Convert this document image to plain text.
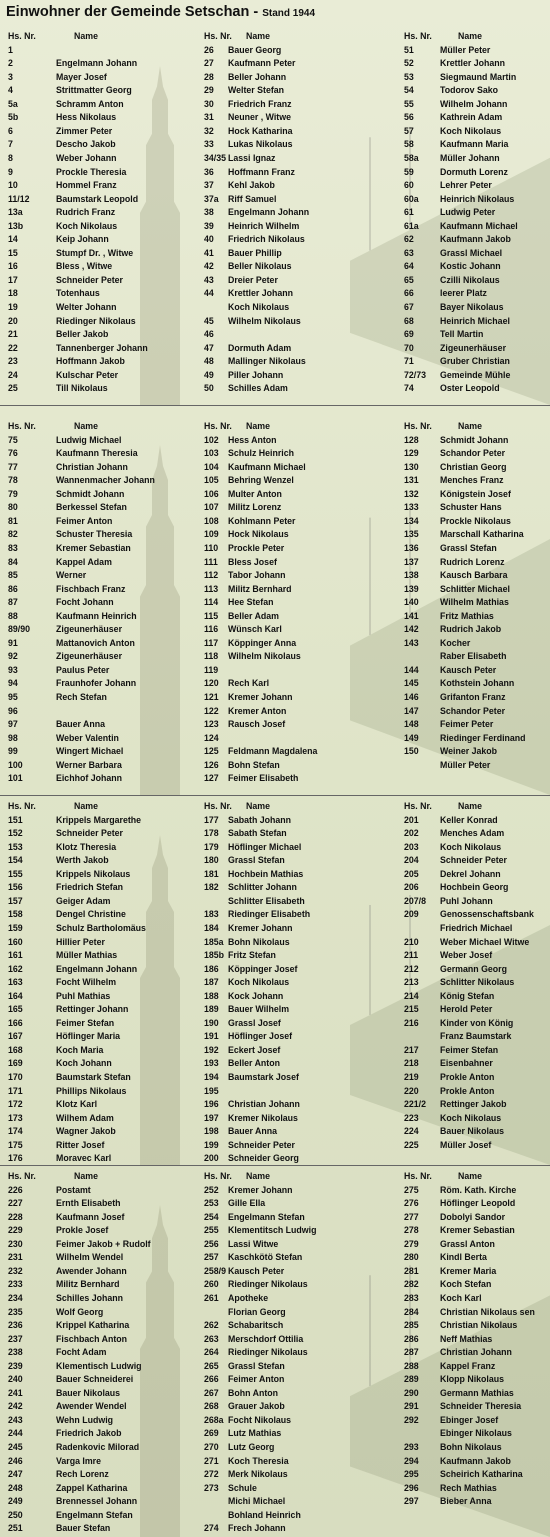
Einwohner der Gemeinde Setschan - Stand 1944
Hs. Nr.	Name
1
2	Engelmann Johann
3	Mayer Josef
4	Strittmatter Georg
5a	Schramm Anton
5b	Hess Nikolaus
6	Zimmer Peter
7	Descho Jakob
8	Weber Johann
9	Prockle Theresia
10	Hommel Franz
11/12	Baumstark Leopold
13a	Rudrich Franz
13b	Koch Nikolaus
14	Keip Johann
15	Stumpf Dr. , Witwe
16	Bless , Witwe
17	Schneider Peter
18	Totenhaus
19	Welter Johann
20	Riedinger Nikolaus
21	Beller Jakob
22	Tannenberger Johann
23	Hoffmann Jakob
24	Kulschar Peter
25	Till Nikolaus
Hs. Nr. Name
26	Bauer Georg
27	Kaufmann Peter
28	Beller Johann
29	Welter Stefan
30	Friedrich Franz
31	Neuner , Witwe
32	Hock Katharina
33	Lukas Nikolaus
34/35 Lassi Ignaz
36	Hoffmann Franz
37	Kehl Jakob
37a	Riff Samuel
38	Engelmann Johann
39	Heinrich Wilhelm
40	Friedrich Nikolaus
41	Bauer Phillip
42	Beller Nikolaus
43	Dreier Peter
44	Krettler Johann
Koch Nikolaus
45	Wilhelm Nikolaus
46
47	Dormuth Adam
48	Mallinger Nikolaus
49	Piller Johann
50	Schilles Adam
Hs. Nr.	Name
51	Müller Peter
52	Krettler Johann
53	Siegmaund Martin
54	Todorov Sako
55	Wilhelm Johann
56	Kathrein Adam
57	Koch Nikolaus
58	Kaufmann Maria
58a	Müller Johann
59	Dormuth Lorenz
60	Lehrer Peter
60a	Heinrich Nikolaus
61	Ludwig Peter
61a	Kaufmann Michael
62	Kaufmann Jakob
63	Grassl Michael
64	Kostic Johann
65	Czilli Nikolaus
66	leerer Platz
67	Bayer Nikolaus
68	Heinrich Michael
69	Tell Martin
70	Zigeunerhäuser
71	Gruber Christian
72/73	Gemeinde Mühle
74	Oster Leopold
Hs. Nr.	Name
75	Ludwig Michael
76	Kaufmann Theresia
77	Christian Johann
78	Wannenmacher Johann
79	Schmidt Johann
80	Berkessel Stefan
81	Feimer Anton
82	Schuster Theresia
83	Kremer Sebastian
84	Kappel Adam
85	Werner
86	Fischbach Franz
87	Focht Johann
88	Kaufmann Heinrich
89/90	Zigeunerhäuser
91	Mattanovich Anton
92	Zigeunerhäuser
93	Paulus Peter
94	Fraunhofer Johann
95	Rech Stefan
96
97	Bauer Anna
98	Weber Valentin
99	Wingert Michael
100	Werner Barbara
101	Eichhof Johann
Hs. Nr. Name
102	Hess Anton
103	Schulz Heinrich
104	Kaufmann Michael
105	Behring Wenzel
106	Multer Anton
107	Militz Lorenz
108	Kohlmann Peter
109	Hock Nikolaus
110	Prockle Peter
111	Bless Josef
112	Tabor Johann
113	Militz Bernhard
114	Hee Stefan
115	Beller Adam
116	Wünsch Karl
117	Köppinger Anna
118	Wilhelm Nikolaus
119
120	Rech Karl
121	Kremer Johann
122	Kremer Anton
123	Rausch Josef
124
125	Feldmann Magdalena
126	Bohn Stefan
127	Feimer Elisabeth
Hs. Nr.	Name
128	Schmidt Johann
129	Schandor Peter
130	Christian Georg
131	Menches Franz
132	Königstein Josef
133	Schuster Hans
134	Prockle Nikolaus
135	Marschall Katharina
136	Grassl Stefan
137	Rudrich Lorenz
138	Kausch Barbara
139	Schlitter Michael
140	Wilhelm Mathias
141	Fritz Mathias
142	Rudrich Jakob
143	Kocher
Raber Elisabeth
144	Kausch Peter
145	Kothstein Johann
146	Grifanton Franz
147	Schandor Peter
148	Feimer Peter
149	Riedinger Ferdinand
150	Weiner Jakob
Müller Peter
Hs. Nr.	Name
151	Krippels Margarethe
152	Schneider Peter
153	Klotz Theresia
154	Werth Jakob
155	Krippels Nikolaus
156	Friedrich Stefan
157	Geiger Adam
158	Dengel Christine
159	Schulz Bartholomäus
160	Hillier Peter
161	Müller Mathias
162	Engelmann Johann
163	Focht Wilhelm
164	Puhl Mathias
165	Rettinger Johann
166	Feimer Stefan
167	Höflinger Maria
168	Koch Maria
169	Koch Johann
170	Baumstark Stefan
171	Phillips Nikolaus
172	Klotz Karl
173	Wilhem Adam
174	Wagner Jakob
175	Ritter Josef
176	Moravec Karl
Hs. Nr. Name
177	Sabath Johann
178	Sabath Stefan
179	Höflinger Michael
180	Grassl Stefan
181	Hochbein Mathias
182	Schlitter Johann
Schlitter Elisabeth
183	Riedinger Elisabeth
184	Kremer Johann
185a Bohn Nikolaus
185b Fritz Stefan
186	Köppinger Josef
187	Koch Nikolaus
188	Kock Johann
189	Bauer Wilhelm
190	Grassl Josef
191	Höflinger Josef
192	Eckert Josef
193	Beller Anton
194	Baumstark Josef
195
196	Christian Johann
197	Kremer Nikolaus
198	Bauer Anna
199	Schneider Peter
200	Schneider Georg
Hs. Nr.	Name
201	Keller Konrad
202	Menches Adam
203	Koch Nikolaus
204	Schneider Peter
205	Dekrel Johann
206	Hochbein Georg
207/8	Puhl Johann
209	Genossenschaftsbank
Friedrich Michael
210	Weber Michael Witwe
211	Weber Josef
212	Germann Georg
213	Schlitter Nikolaus
214	König Stefan
215	Herold Peter
216	Kinder von König
Franz Baumstark
217	Feimer Stefan
218	Eisenbahner
219	Prokle Anton
220	Prokle Anton
221/2	Rettinger Jakob
223	Koch Nikolaus
224	Bauer Nikolaus
225	Müller Josef
Hs. Nr.	Name
226	Postamt
227	Ernth Elisabeth
228	Kaufmann Josef
229	Prokle Josef
230	Feimer Jakob + Rudolf
231	Wilhelm Wendel
232	Awender Johann
233	Militz Bernhard
234	Schilles Johann
235	Wolf Georg
236	Krippel Katharina
237	Fischbach Anton
238	Focht Adam
239	Klementisch Ludwig
240	Bauer Schneiderei
241	Bauer Nikolaus
242	Awender Wendel
243	Wehn Ludwig
244	Friedrich Jakob
245	Radenkovic Milorad
246	Varga Imre
247	Rech Lorenz
248	Zappel Katharina
249	Brennessel Johann
250	Engelmann Stefan
251	Bauer Stefan
Hs. Nr. Name
252	Kremer Johann
253	Gille Ella
254	Engelmann Stefan
255	Klementitsch Ludwig
256	Lassi Witwe
257	Kaschkötö Stefan
258/9 Kausch Peter
260	Riedinger Nikolaus
261	Apotheke
Florian Georg
262	Schabaritsch
263	Merschdorf Ottilia
264	Riedinger Nikolaus
265	Grassl Stefan
266	Feimer Anton
267	Bohn Anton
268	Grauer Jakob
268a Focht Nikolaus
269	Lutz Mathias
270	Lutz Georg
271	Koch Theresia
272	Merk Nikolaus
273	Schule
Michi Michael
Bohland Heinrich
274	Frech Johann
Hs. Nr.	Name
275	Röm. Kath. Kirche
276	Höflinger Leopold
277	Dobolyi Sandor
278	Kremer Sebastian
279	Grassl Anton
280	Kindl Berta
281	Kremer Maria
282	Koch Stefan
283	Koch Karl
284	Christian Nikolaus sen
285	Christian Nikolaus
286	Neff Mathias
287	Christian Johann
288	Kappel Franz
289	Klopp Nikolaus
290	Germann Mathias
291	Schneider Theresia
292	Ebinger Josef
Ebinger Nikolaus
293	Bohn Nikolaus
294	Kaufmann Jakob
295	Scheirich Katharina
296	Rech Mathias
297	Bieber Anna
